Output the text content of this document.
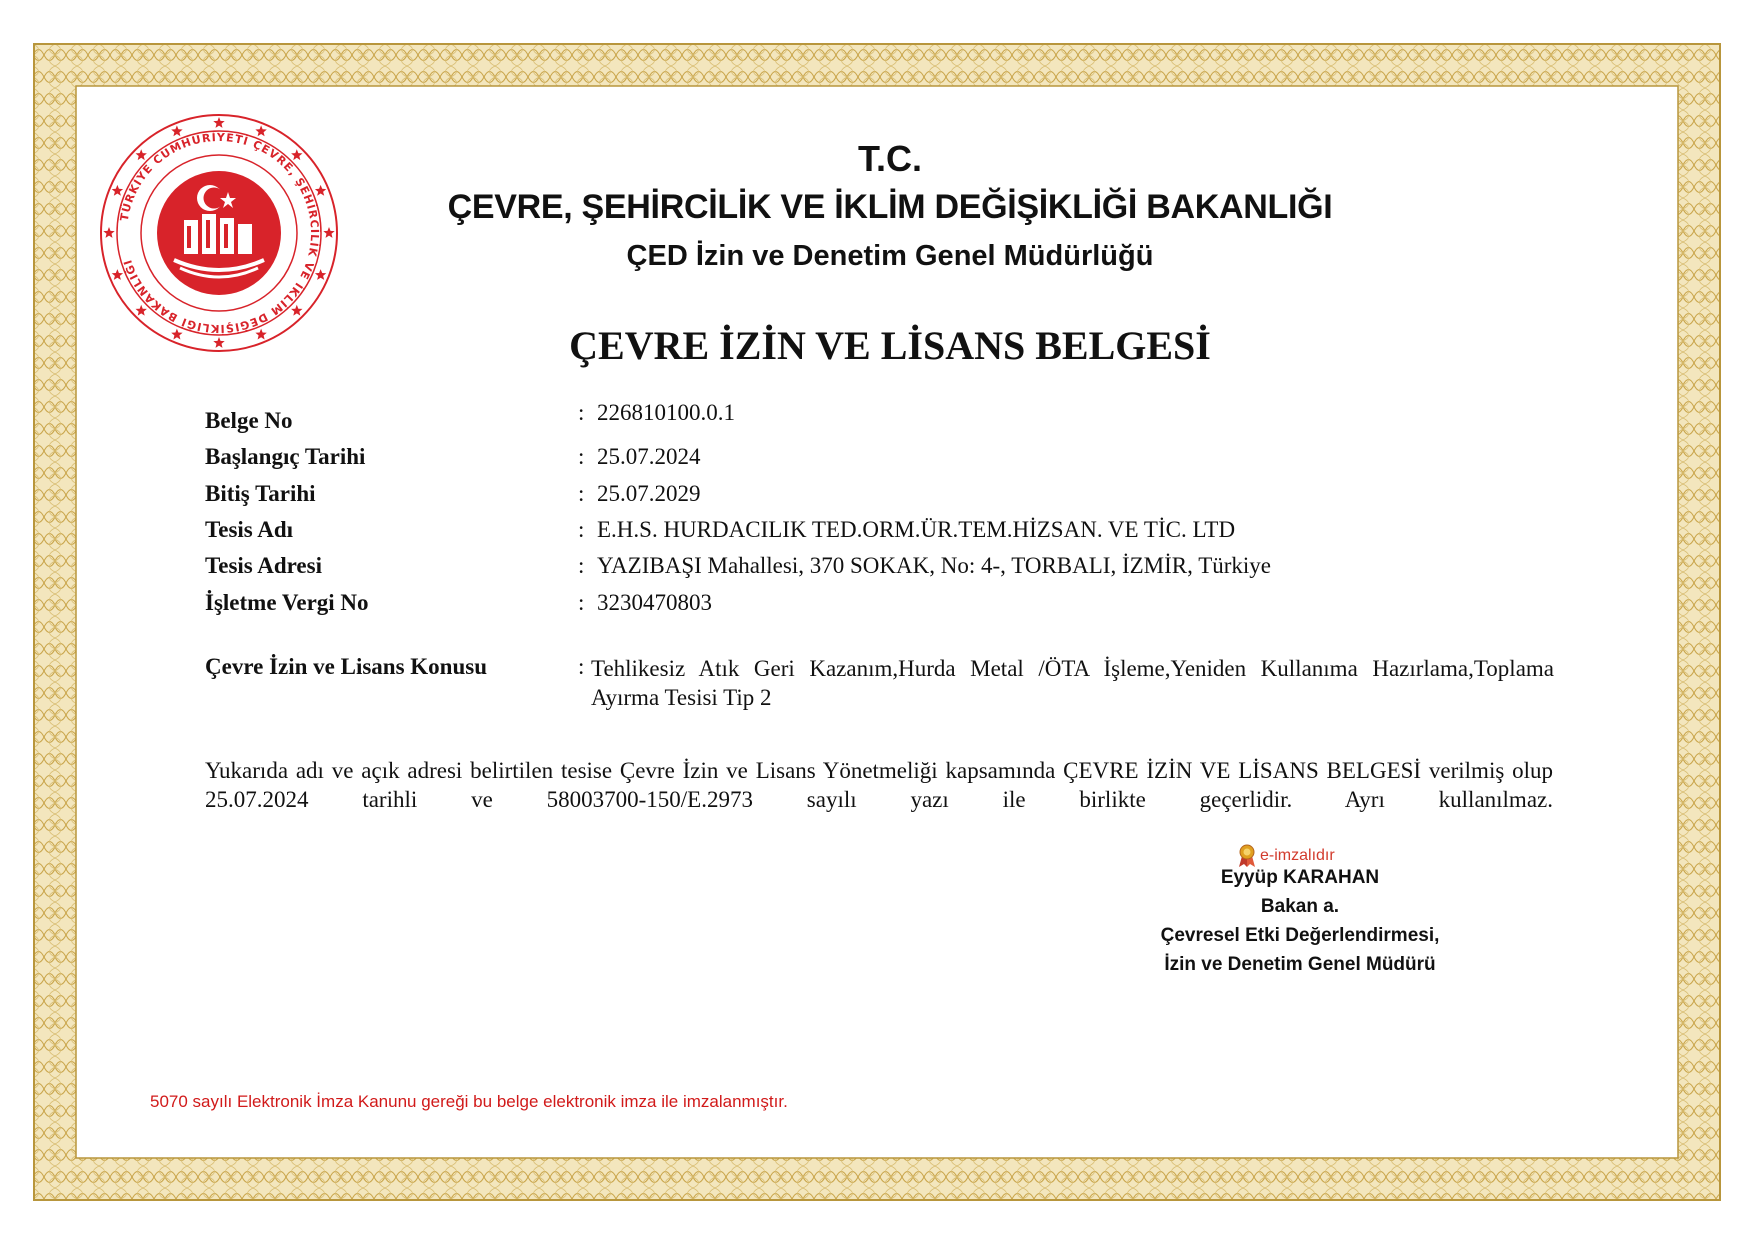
TÜRKİYE CUMHURİYETİ ÇEVRE, ŞEHİRCİLİK VE İKLİM DEĞİŞİKLİĞİ BAKANLIĞI
T.C.
ÇEVRE, ŞEHİRCİLİK VE İKLİM DEĞİŞİKLİĞİ BAKANLIĞI
ÇED İzin ve Denetim Genel Müdürlüğü
ÇEVRE İZİN VE LİSANS BELGESİ
Belge No	: 226810100.0.1
Başlangıç Tarihi	: 25.07.2024
Bitiş Tarihi	: 25.07.2029
Tesis Adı	: E.H.S. HURDACILIK TED.ORM.ÜR.TEM.HİZSAN. VE TİC. LTD
Tesis Adresi	: YAZIBAŞI Mahallesi, 370 SOKAK, No: 4-, TORBALI, İZMİR, Türkiye
İşletme Vergi No	: 3230470803
Çevre İzin ve Lisans Konusu	: Tehlikesiz Atık Geri Kazanım,Hurda Metal /ÖTA İşleme,Yeniden Kullanıma Hazırlama,Toplama Ayırma Tesisi Tip 2
Yukarıda adı ve açık adresi belirtilen tesise Çevre İzin ve Lisans Yönetmeliği kapsamında ÇEVRE İZİN VE LİSANS BELGESİ verilmiş olup 25.07.2024 tarihli ve 58003700-150/E.2973 sayılı yazı ile birlikte geçerlidir. Ayrı kullanılmaz.
e-imzalıdır
Eyyüp KARAHAN
Bakan a.
Çevresel Etki Değerlendirmesi,
İzin ve Denetim Genel Müdürü
5070 sayılı Elektronik İmza Kanunu gereği bu belge elektronik imza ile imzalanmıştır.
